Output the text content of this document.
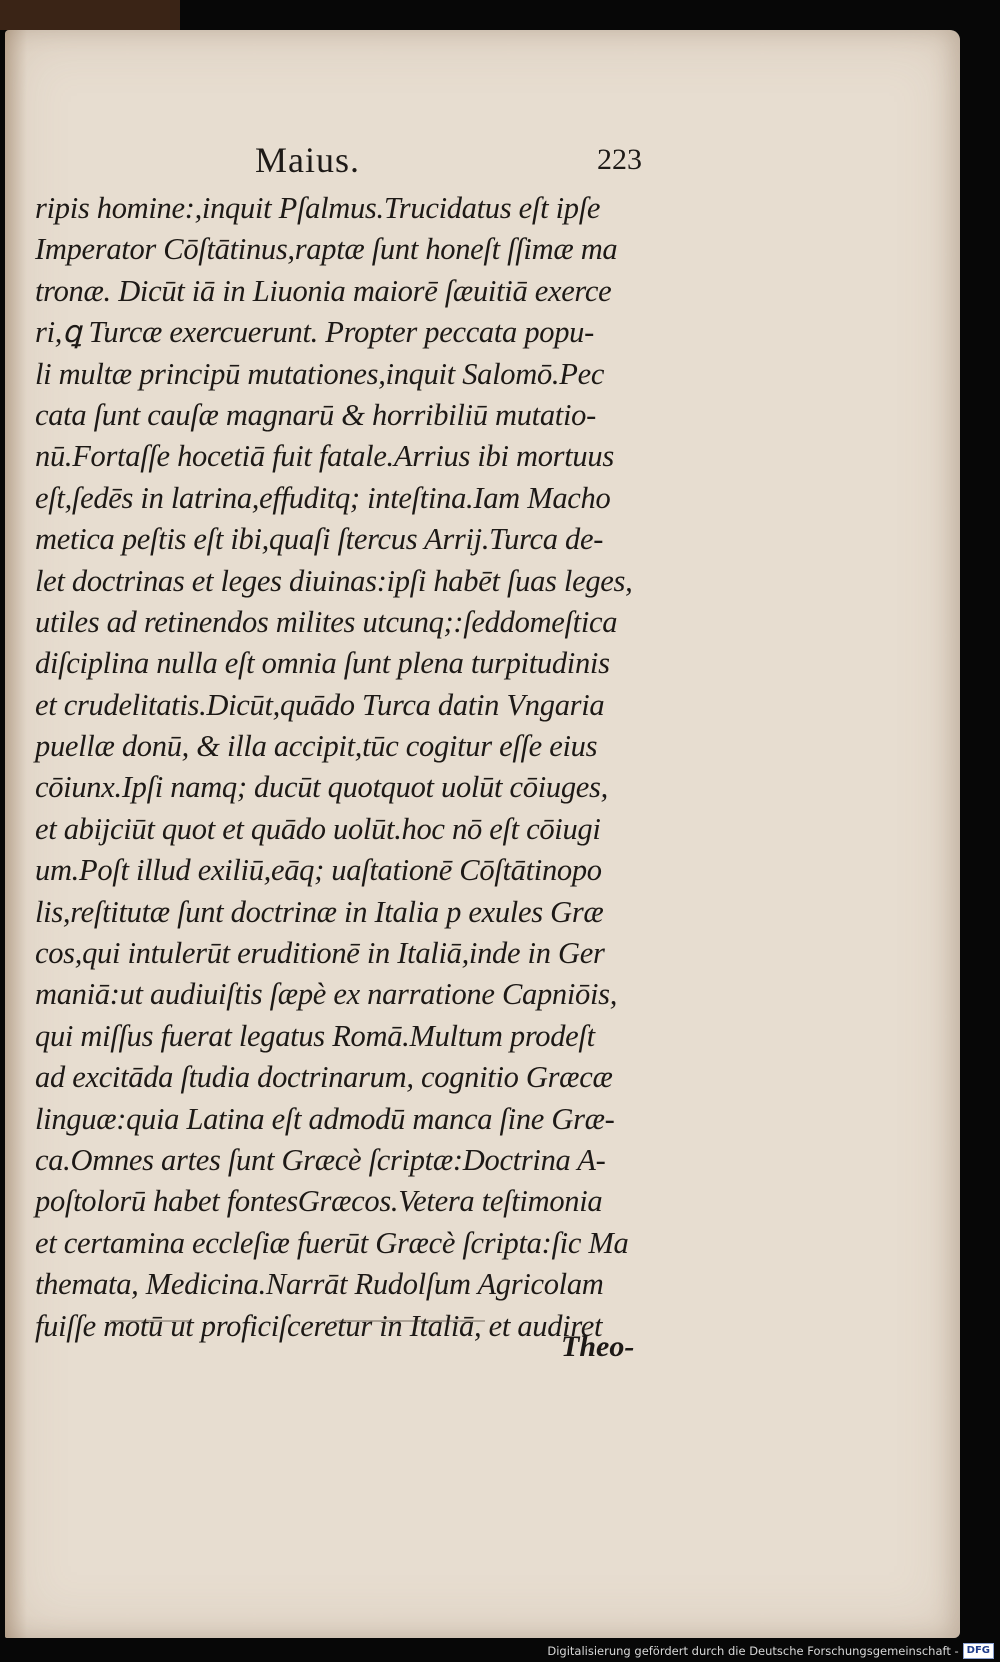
Maius.	223
ripis homine:,inquit Pſalmus.Trucidatus eſt ipſe
Imperator Cōſtātinus,raptæ ſunt honeſt ſſimæ ma
tronæ. Dicūt iā in Liuonia maiorē ſæuitiā exerce
ri,ꝗ Turcæ exercuerunt. Propter peccata popu-
li multæ principū mutationes,inquit Salomō.Pec
cata ſunt cauſæ magnarū & horribiliū mutatio-
nū.Fortaſſe hocetiā fuit fatale.Arrius ibi mortuus
eſt,ſedēs in latrina,effuditq; inteſtina.Iam Macho
metica peſtis eſt ibi,quaſi ſtercus Arrij.Turca de-
let doctrinas et leges diuinas:ipſi habēt ſuas leges,
utiles ad retinendos milites utcunq;:ſeddomeſtica
diſciplina nulla eſt omnia ſunt plena turpitudinis
et crudelitatis.Dicūt,quādo Turca datin Vngaria
puellæ donū, & illa accipit,tūc cogitur eſſe eius
cōiunx.Ipſi namq; ducūt quotquot uolūt cōiuges,
et abijciūt quot et quādo uolūt.hoc nō eſt cōiugi
um.Poſt illud exiliū,eāq; uaſtationē Cōſtātinopo
lis,reſtitutæ ſunt doctrinæ in Italia p exules Græ
cos,qui intulerūt eruditionē in Italiā,inde in Ger
maniā:ut audiuiſtis ſæpè ex narratione Capniōis,
qui miſſus fuerat legatus Romā.Multum prodeſt
ad excitāda ſtudia doctrinarum, cognitio Græcæ
linguæ:quia Latina eſt admodū manca ſine Græ-
ca.Omnes artes ſunt Græcè ſcriptæ:Doctrina A-
poſtolorū habet fontesGræcos.Vetera teſtimonia
et certamina eccleſiæ fuerūt Græcè ſcripta:ſic Ma
themata, Medicina.Narrāt Rudolſum Agricolam
fuiſſe motū ut proficiſceretur in Italiā, et audiret
Theo-
Digitalisierung gefördert durch die Deutsche Forschungsgemeinschaft - DFG
